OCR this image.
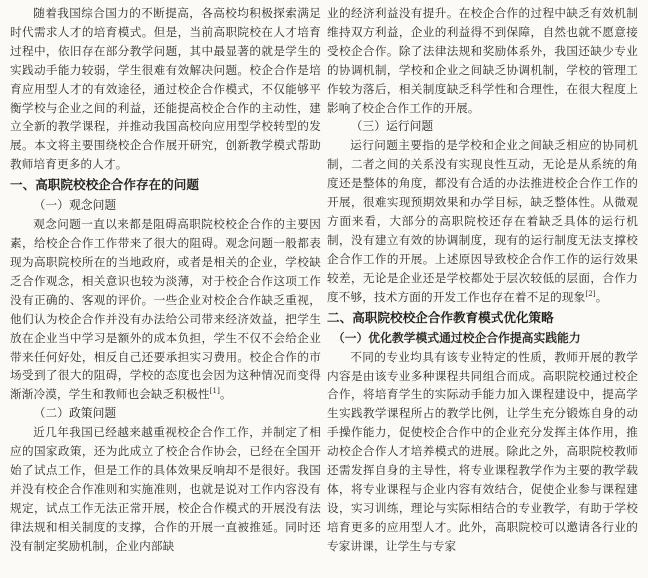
随着我国综合国力的不断提高，各高校均积极探索满足时代需求人才的培育模式。但是，当前高职院校在人才培育过程中，依旧存在部分教学问题，其中最显著的就是学生的实践动手能力较弱，学生很难有效解决问题。校企合作是培育应用型人才的有效途径，通过校企合作模式，不仅能够平衡学校与企业之间的利益，还能提高校企合作的主动性，建立全新的教学课程，并推动我国高校向应用型学校转型的发展。本文将主要围绕校企合作展开研究，创新教学模式帮助教师培育更多的人才。

一、高职院校校企合作存在的问题
（一）观念问题

观念问题一直以来都是阻碍高职院校校企合作的主要因素，给校企合作工作带来了很大的阻碍。观念问题一般都表现为高职院校所在的当地政府，或者是相关的企业，学校缺乏合作观念，相关意识也较为淡薄，对于校企合作这项工作没有正确的、客观的评价。一些企业对校企合作缺乏重视，他们认为校企合作并没有办法给公司带来经济效益，把学生放在企业当中学习是额外的成本负担，学生不仅不会给企业带来任何好处，相反自己还要承担实习费用。校企合作的市场受到了很大的阻碍，学校的态度也会因为这种情况而变得渐渐冷漠，学生和教师也会缺乏积极性[1]。

（二）政策问题

近几年我国已经越来越重视校企合作工作，并制定了相应的国家政策，还为此成立了校企合作协会，已经在全国开始了试点工作，但是工作的具体效果反响却不是很好。我国并没有校企合作准则和实施准则，也就是说对工作内容没有规定，试点工作无法正常开展，校企合作模式的开展没有法律法规和相关制度的支撑，合作的开展一直被推延。同时还没有制定奖励机制，企业内部缺

业的经济利益没有提升。在校企合作的过程中缺乏有效机制维持双方利益，企业的利益得不到保障，自然也就不愿意接受校企合作。除了法律法规和奖励体系外，我国还缺少专业的协调机制，学校和企业之间缺乏协调机制，学校的管理工作较为落后，相关制度缺乏科学性和合理性，在很大程度上影响了校企合作工作的开展。

（三）运行问题

运行问题主要指的是学校和企业之间缺乏相应的协同机制，二者之间的关系没有实现良性互动，无论是从系统的角度还是整体的角度，都没有合适的办法推进校企合作工作的开展，很难实现预期效果和办学目标，缺乏整体性。从微观方面来看，大部分的高职院校还存在着缺乏具体的运行机制，没有建立有效的协调制度，现有的运行制度无法支撑校企合作工作的开展。上述原因导致校企合作工作的运行效果较差，无论是企业还是学校都处于层次较低的层面，合作力度不够，技术方面的开发工作也存在着不足的现象[2]。

二、高职院校校企合作教育模式优化策略
（一）优化教学模式通过校企合作提高实践能力

不同的专业均具有该专业特定的性质，教师开展的教学内容是由该专业多种课程共同组合而成。高职院校通过校企合作，将培育学生的实际动手能力加入课程建设中，提高学生实践教学课程所占的教学比例，让学生充分锻炼自身的动手操作能力，促使校企合作中的企业充分发挥主体作用，推动校企合作人才培养模式的进展。除此之外，高职院校教师还需发挥自身的主导性，将专业课程教学作为主要的教学载体，将专业课程与企业内容有效结合，促使企业参与课程建设，实习训练，理论与实际相结合的专业教学，有助于学校培育更多的应用型人才。此外，高职院校可以邀请各行业的专家讲课，让学生与专家
